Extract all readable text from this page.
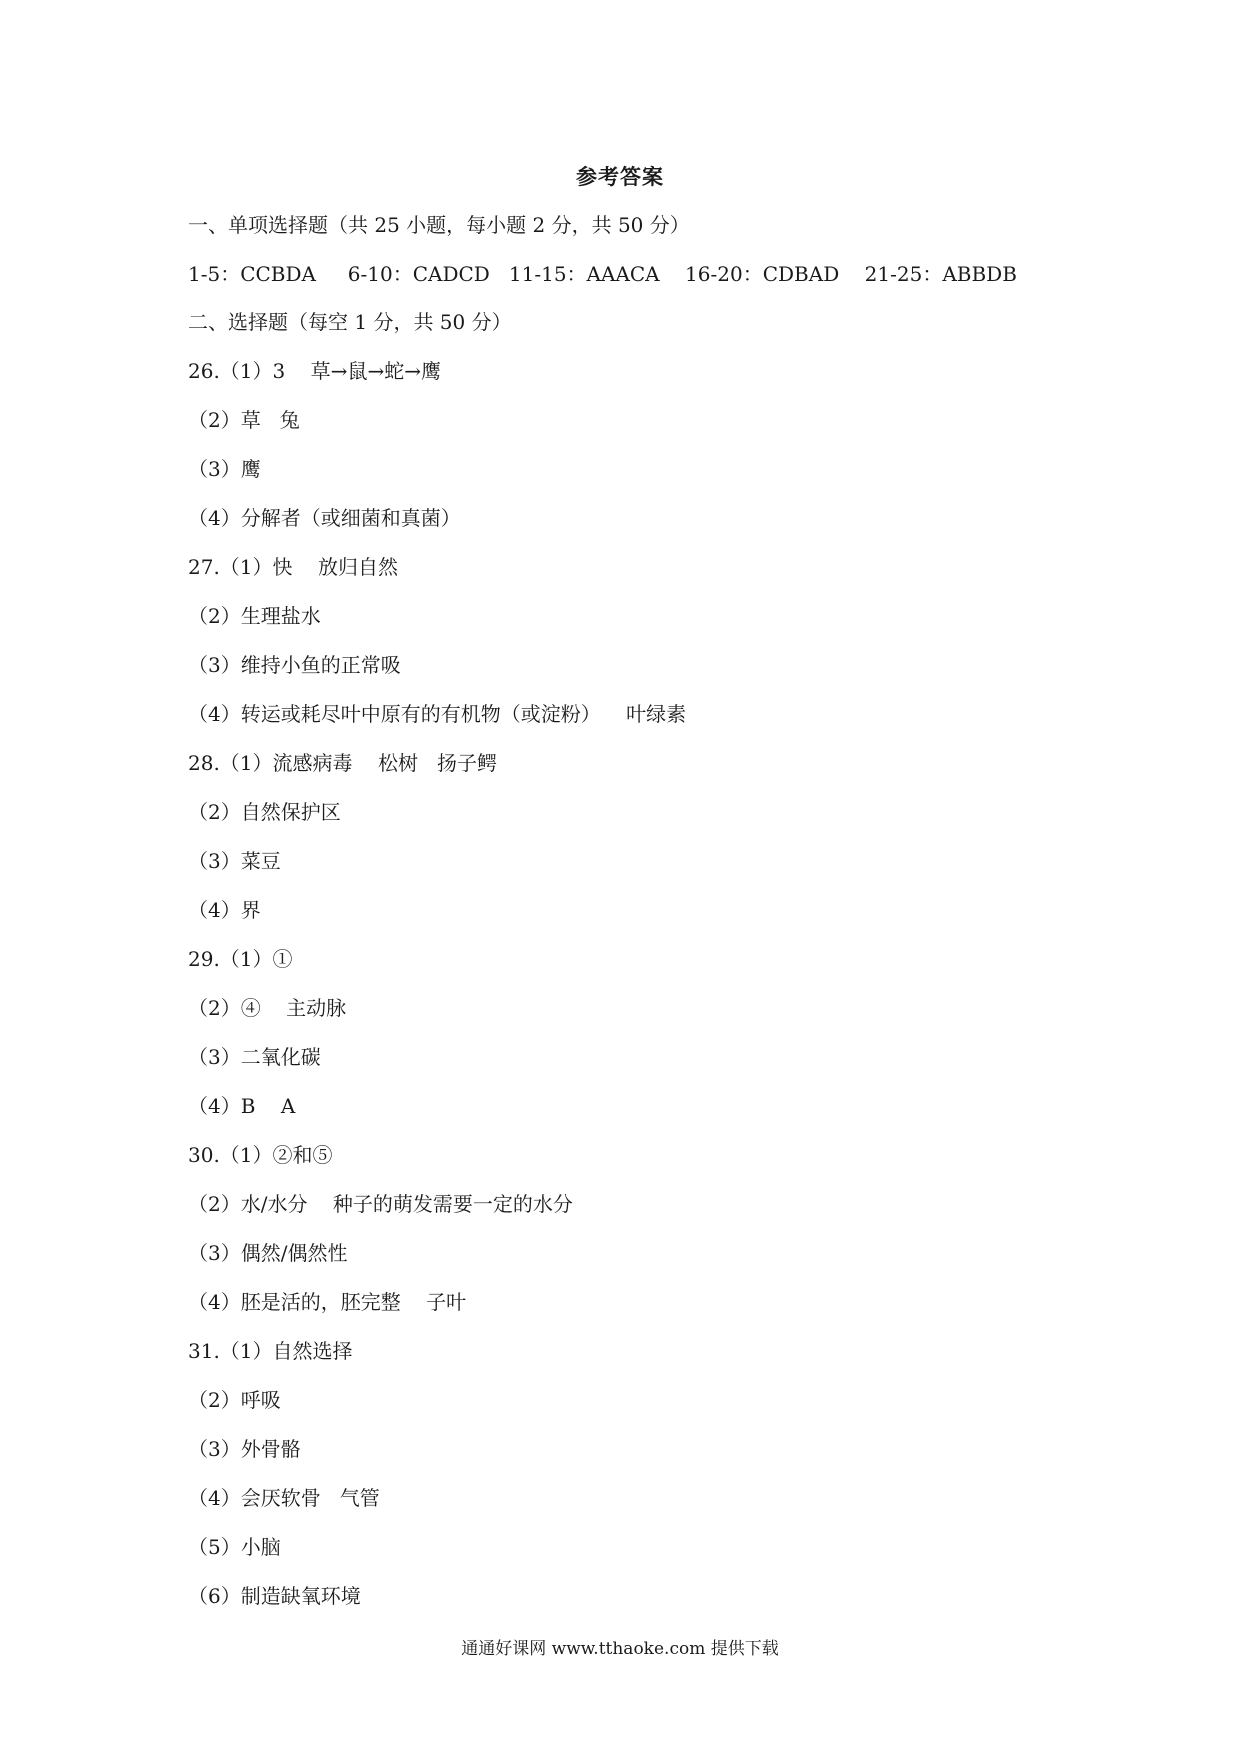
参考答案
一、单项选择题（共 25 小题，每小题 2 分，共 50 分）
1-5：CCBDA     6-10：CADCD   11-15：AAACA    16-20：CDBAD    21-25：ABBDB
二、选择题（每空 1 分，共 50 分）
26.（1）3    草→鼠→蛇→鹰
（2）草   兔
（3）鹰
（4）分解者（或细菌和真菌）
27.（1）快    放归自然
（2）生理盐水
（3）维持小鱼的正常吸
（4）转运或耗尽叶中原有的有机物（或淀粉）    叶绿素
28.（1）流感病毒    松树   扬子鳄
（2）自然保护区
（3）菜豆
（4）界
29.（1）①
（2）④    主动脉
（3）二氧化碳
（4）B    A
30.（1）②和⑤
（2）水/水分    种子的萌发需要一定的水分
（3）偶然/偶然性
（4）胚是活的，胚完整    子叶
31.（1）自然选择
（2）呼吸
（3）外骨骼
（4）会厌软骨   气管
（5）小脑
（6）制造缺氧环境
通通好课网 www.tthaoke.com 提供下载
